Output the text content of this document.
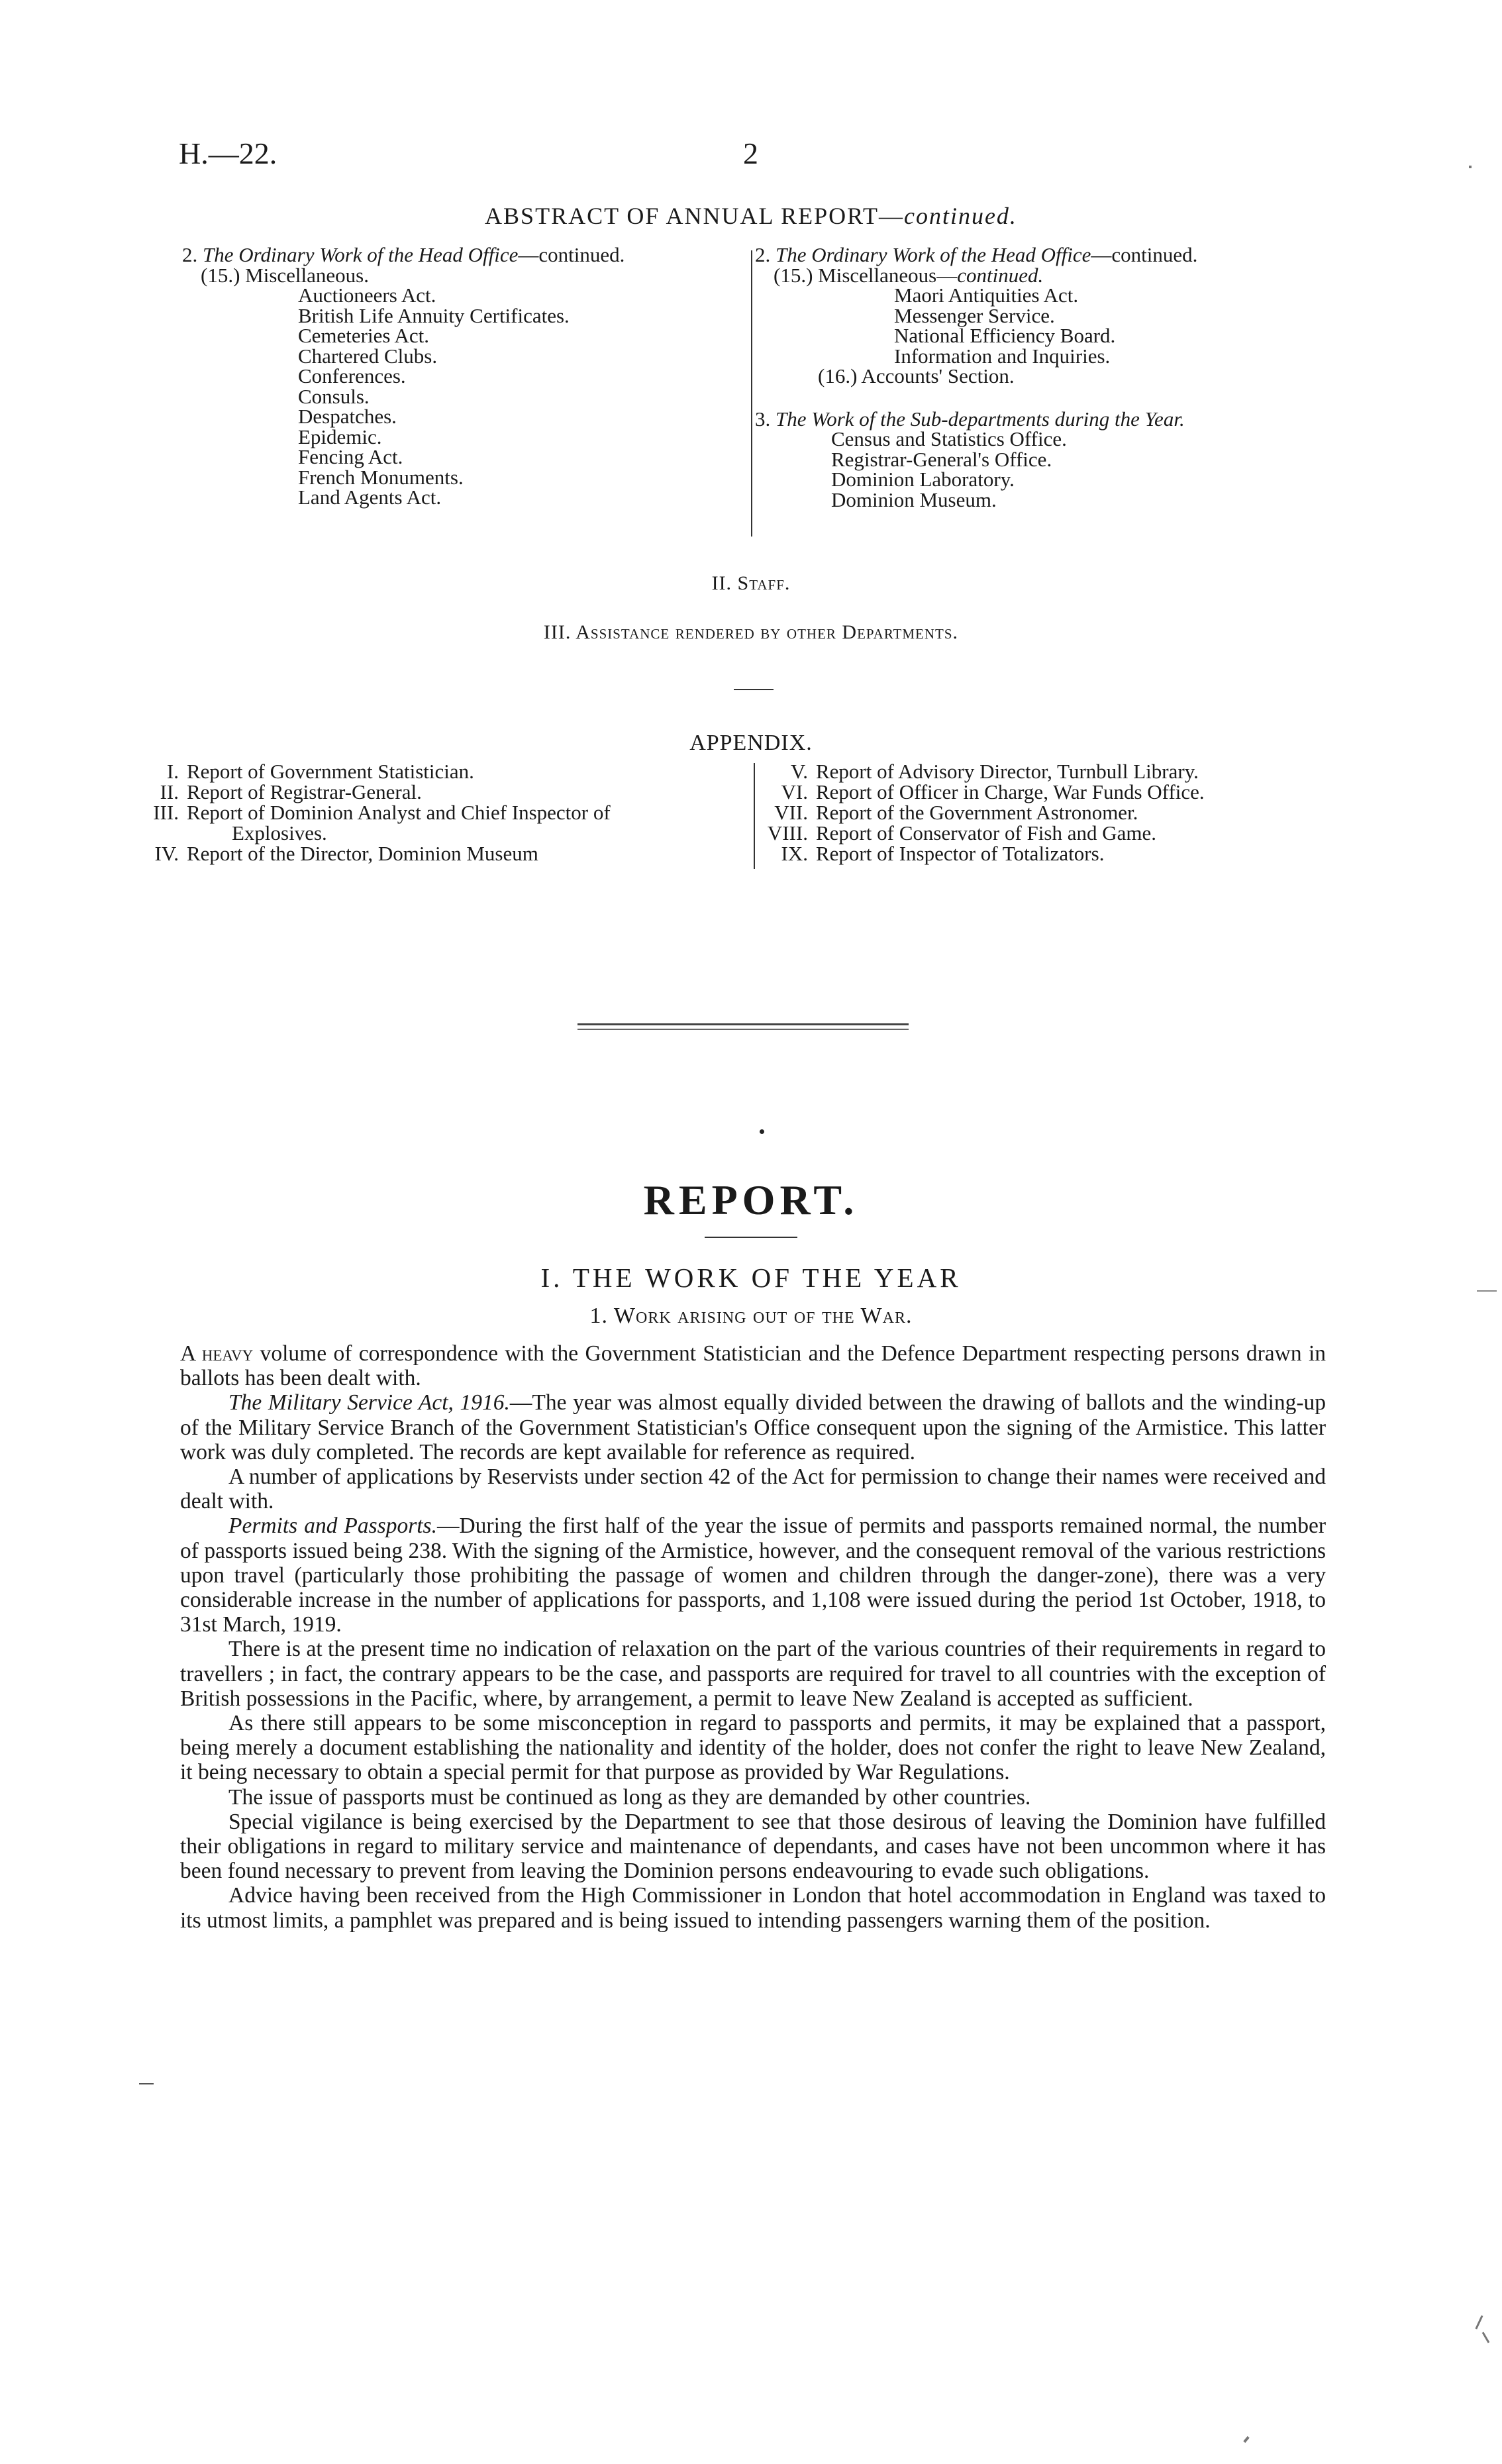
H.—22.	2
ABSTRACT OF ANNUAL REPORT—continued.
2. The Ordinary Work of the Head Office—continued.
(15.) Miscellaneous.
Auctioneers Act.
British Life Annuity Certificates.
Cemeteries Act.
Chartered Clubs.
Conferences.
Consuls.
Despatches.
Epidemic.
Fencing Act.
French Monuments.
Land Agents Act.
2. The Ordinary Work of the Head Office—continued.
(15.) Miscellaneous—continued.
Maori Antiquities Act.
Messenger Service.
National Efficiency Board.
Information and Inquiries.
(16.) Accounts' Section.
3. The Work of the Sub-departments during the Year.
Census and Statistics Office.
Registrar-General's Office.
Dominion Laboratory.
Dominion Museum.
II. Staff.
III. Assistance rendered by other Departments.
APPENDIX.
I. Report of Government Statistician.
II. Report of Registrar-General.
III. Report of Dominion Analyst and Chief Inspector of
Explosives.
IV. Report of the Director, Dominion Museum
V. Report of Advisory Director, Turnbull Library.
VI. Report of Officer in Charge, War Funds Office.
VII. Report of the Government Astronomer.
VIII. Report of Conservator of Fish and Game.
IX. Report of Inspector of Totalizators.
REPORT.
I. THE WORK OF THE YEAR
1. Work arising out of the War.

A heavy volume of correspondence with the Government Statistician and the Defence Department respecting persons drawn in ballots has been dealt with.

The Military Service Act, 1916.—The year was almost equally divided between the drawing of ballots and the winding-up of the Military Service Branch of the Government Statistician's Office consequent upon the signing of the Armistice. This latter work was duly completed. The records are kept available for reference as required.

A number of applications by Reservists under section 42 of the Act for permission to change their names were received and dealt with.

Permits and Passports.—During the first half of the year the issue of permits and passports remained normal, the number of passports issued being 238. With the signing of the Armistice, however, and the consequent removal of the various restrictions upon travel (particularly those prohibiting the passage of women and children through the danger-zone), there was a very considerable increase in the number of applications for passports, and 1,108 were issued during the period 1st October, 1918, to 31st March, 1919.

There is at the present time no indication of relaxation on the part of the various countries of their requirements in regard to travellers ; in fact, the contrary appears to be the case, and passports are required for travel to all countries with the exception of British possessions in the Pacific, where, by arrangement, a permit to leave New Zealand is accepted as sufficient.

As there still appears to be some misconception in regard to passports and permits, it may be explained that a passport, being merely a document establishing the nationality and identity of the holder, does not confer the right to leave New Zealand, it being necessary to obtain a special permit for that purpose as provided by War Regulations.

The issue of passports must be continued as long as they are demanded by other countries.

Special vigilance is being exercised by the Department to see that those desirous of leaving the Dominion have fulfilled their obligations in regard to military service and maintenance of dependants, and cases have not been uncommon where it has been found necessary to prevent from leaving the Dominion persons endeavouring to evade such obligations.

Advice having been received from the High Commissioner in London that hotel accommodation in England was taxed to its utmost limits, a pamphlet was prepared and is being issued to intending passengers warning them of the position.
